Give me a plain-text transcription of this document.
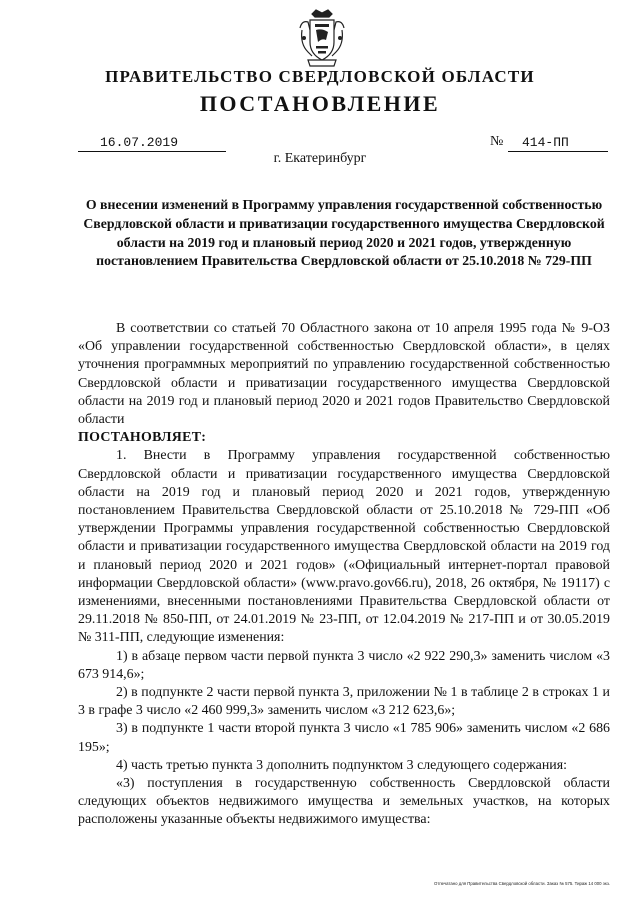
ПРАВИТЕЛЬСТВО СВЕРДЛОВСКОЙ ОБЛАСТИ
ПОСТАНОВЛЕНИЕ
16.07.2019	№	414-ПП
г. Екатеринбург
О внесении изменений в Программу управления государственной собственностью Свердловской области и приватизации государственного имущества Свердловской области на 2019 год и плановый период 2020 и 2021 годов, утвержденную постановлением Правительства Свердловской области от 25.10.2018 № 729-ПП

В соответствии со статьей 70 Областного закона от 10 апреля 1995 года № 9-ОЗ «Об управлении государственной собственностью Свердловской области», в целях уточнения программных мероприятий по управлению государственной собственностью Свердловской области и приватизации государственного имущества Свердловской области на 2019 год и плановый период 2020 и 2021 годов Правительство Свердловской области

ПОСТАНОВЛЯЕТ:

1. Внести в Программу управления государственной собственностью Свердловской области и приватизации государственного имущества Свердловской области на 2019 год и плановый период 2020 и 2021 годов, утвержденную постановлением Правительства Свердловской области от 25.10.2018 № 729-ПП «Об утверждении Программы управления государственной собственностью Свердловской области и приватизации государственного имущества Свердловской области на 2019 год и плановый период 2020 и 2021 годов» («Официальный интернет-портал правовой информации Свердловской области» (www.pravo.gov66.ru), 2018, 26 октября, № 19117) с изменениями, внесенными постановлениями Правительства Свердловской области от 29.11.2018 № 850-ПП, от 24.01.2019 № 23-ПП, от 12.04.2019 № 217-ПП и от 30.05.2019 № 311-ПП, следующие изменения:

1) в абзаце первом части первой пункта 3 число «2 922 290,3» заменить числом «3 673 914,6»;

2) в подпункте 2 части первой пункта 3, приложении № 1 в таблице 2 в строках 1 и 3 в графе 3 число «2 460 999,3» заменить числом «3 212 623,6»;

3) в подпункте 1 части второй пункта 3 число «1 785 906» заменить числом «2 686 195»;

4) часть третью пункта 3 дополнить подпунктом 3 следующего содержания:

«3) поступления в государственную собственность Свердловской области следующих объектов недвижимого имущества и земельных участков, на которых расположены указанные объекты недвижимого имущества:

Отпечатано для Правительства Свердловской области. Заказ № 575. Тираж 14 000 экз.
